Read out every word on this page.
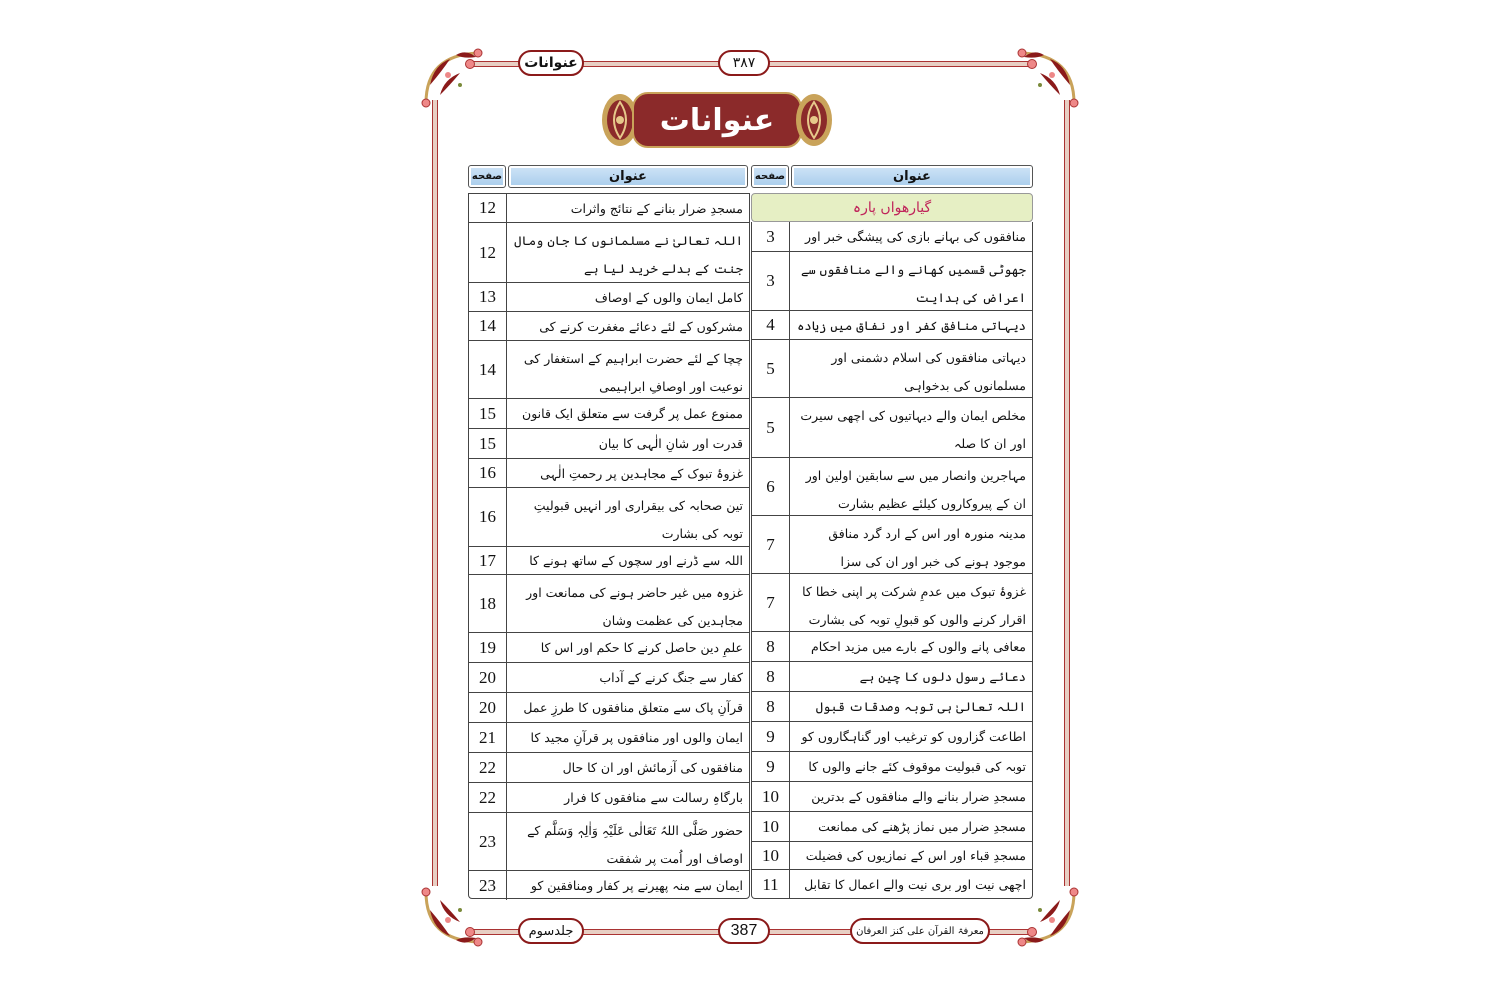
عنوانات	٣٨٧
عنوانات
صفحه	عنوان	صفحه	عنوان
گیارھواں پارہ
12	مسجدِ ضرار بنانے کے نتائج واثرات
12
اللہ تعالیٰ نے مسلمانوں کا جان ومال جنت کے بدلے خرید لیا ہے
13	کامل ایمان والوں کے اوصاف
14	مشرکوں کے لئے دعائے مغفرت کرنے کی
14
چچا کے لئے حضرت ابراہیم کے استغفار کی نوعیت اور اوصافِ ابراہیمی
15	ممنوع عمل پر گرفت سے متعلق ایک قانون
15	قدرت اور شانِ الٰہی کا بیان
16	غزوۂ تبوک کے مجاہدین پر رحمتِ الٰہی
16
تین صحابہ کی بیقراری اور انہیں قبولیتِ توبہ کی بشارت
17	اللہ سے ڈرنے اور سچوں کے ساتھ ہونے کا
18
غزوہ میں غیر حاضر ہونے کی ممانعت اور مجاہدین کی عظمت وشان
19	علمِ دین حاصل کرنے کا حکم اور اس کا
20	کفار سے جنگ کرنے کے آداب
20	قرآنِ پاک سے متعلق منافقوں کا طرزِ عمل
21	ایمان والوں اور منافقوں پر قرآنِ مجید کا
22	منافقوں کی آزمائش اور ان کا حال
22	بارگاہِ رسالت سے منافقوں کا فرار
23
حضور صَلَّی اللہُ تَعَالٰی عَلَیْہِ وَاٰلِہٖ وَسَلَّم کے اوصاف اور اُمت پر شفقت
23	ایمان سے منہ پھیرنے پر کفار ومنافقین کو
3	منافقوں کی بہانے بازی کی پیشگی خبر اور
3
جھوٹی قسمیں کھانے والے منافقوں سے اعراض کی ہدایت
4	دیہاتی منافق کفر اور نفاق میں زیادہ
5
دیہاتی منافقوں کی اسلام دشمنی اور مسلمانوں کی بدخواہی
5
مخلص ایمان والے دیہاتیوں کی اچھی سیرت اور ان کا صلہ
6
مہاجرین وانصار میں سے سابقین اولین اور ان کے پیروکاروں کیلئے عظیم بشارت
7
مدینہ منورہ اور اس کے ارد گرد منافق موجود ہونے کی خبر اور ان کی سزا
7
غزوۂ تبوک میں عدمِ شرکت پر اپنی خطا کا اقرار کرنے والوں کو قبولِ توبہ کی بشارت
8	معافی پانے والوں کے بارے میں مزید احکام
8	دعائے رسول دلوں کا چین ہے
8	اللہ تعالیٰ ہی توبہ وصدقات قبول
9	اطاعت گزاروں کو ترغیب اور گناہگاروں کو
9	توبہ کی قبولیت موقوف کئے جانے والوں کا
10	مسجدِ ضرار بنانے والے منافقوں کے بدترین
10	مسجدِ ضرار میں نماز پڑھنے کی ممانعت
10	مسجدِ قباء اور اس کے نمازیوں کی فضیلت
11	اچھی نیت اور بری نیت والے اعمال کا تقابل
جلدسوم	387	معرفۃ القرآن علی کنز العرفان
